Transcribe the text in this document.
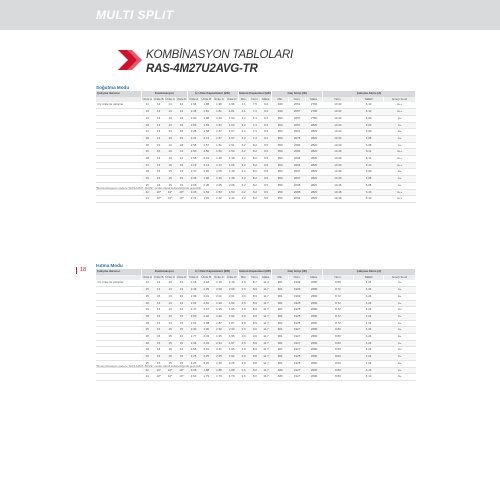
MULTI SPLIT
KOMBİNASYON TABLOLARI
RAS-4M27U2AVG-TR
Soğutma Modu
Çalışma durumu	Kombinasyon				İç Ünite Kapasiteleri (kW)				Sistem Kapasitesi (kW)			Güç Girişi (W)			Çalışma Akımı (A)		
	Ünite A	Ünite B	Ünite C	Ünite D	Ünite A	Ünite B	Ünite C	Ünite D	Min.	Nom.	Maks.	Min.	Nom.	Maks.	Nom.	SEER	Enerji Sınıfı
4 iç ünite ile çalışma	13	13	13	13	1.96	1.96	1.96	1.96	4.1	7.5	9.2	940	2051	2790	10.33	6.10	A++
	13	13	13	13	2.48	1.81	1.81	1.81	4.1	7.4	9.2	940	2057	2790	10.33	6.10	A++
	13	13	13	15	2.00	1.98	1.64	1.64	4.2	7.4	9.2	950	2057	2790	10.33	6.09	A+
	18	13	13	15	2.53	1.53	1.53	1.53	4.2	7.4	9.2	950	2057	2820	10.33	6.09	A+
	13	13	13	18	3.25	1.58	1.67	1.67	4.2	7.4	9.2	950	2061	2820	10.33	6.09	A+
	18	13	13	15	2.41	2.13	1.57	1.57	4.2	7.4	9.2	950	2076	2820	10.33	6.08	A+
	18	13	13	18	2.58	2.57	1.51	1.51	4.2	8.2	9.5	950	2084	2820	10.33	6.08	A+
	15	15	13	13	2.50	2.50	1.50	1.50	4.2	8.2	9.5	950	2084	2820	10.46	6.11	A++
	18	15	13	13	2.58	2.43	1.48	1.48	4.2	8.2	9.5	950	2094	2820	10.46	6.11	A++
	13	15	15	15	2.13	2.13	2.13	1.66	4.2	8.2	9.5	950	2094	2820	10.46	6.10	A++
	18	15	15	13	2.47	2.05	2.05	1.48	4.2	8.2	9.5	950	2097	2820	10.46	6.09	A+
	15	15	15	15	2.36	1.96	1.96	1.48	4.2	8.2	9.5	950	2097	2820	10.46	6.08	A+
	15	15	15	15	2.05	2.05	2.05	2.05	4.2	8.2	9.5	950	2098	2820	10.46	6.08	A+
	22	10*	10*	10*	3.45	1.53	1.53	1.53	4.2	8.2	9.5	950	2098	2820	10.46	6.10	A++
	24	10*	10*	10*	3.74	1.45	1.42	1.42	4.2	8.2	9.5	950	2094	2820	10.46	6.10	A++
*Bu kombinasyon sadece "RAS-10MT...BAVE" model olarak kullanıldığında geçerlidir.
18
Isıtma Modu
Çalışma durumu	Kombinasyon				İç Ünite Kapasiteleri (kW)				Sistem Kapasitesi (kW)			Güç Girişi (W)			Çalışma Akımı (A)		
	Ünite A	Ünite B	Ünite C	Ünite D	Ünite A	Ünite B	Ünite C	Ünite D	Min.	Nom.	Maks.	Min.	Nom.	Maks.	Nom.	SEER	Enerji Sınıfı
4 iç ünite ile çalışma	13	13	13	13	2.18	2.18	2.18	2.18	2.8	8.7	11.4	901	1909	2680	8.55	4.24	A+
	15	13	13	13	2.49	2.09	2.09	2.09	2.9	8.9	11.7	901	1909	2690	8.72	4.24	A+
	15	15	13	13	2.39	2.01	2.01	2.01	2.9	8.9	11.7	901	1909	2690	8.72	4.24	A+
	18	13	13	13	2.62	2.62	1.93	1.93	2.9	8.9	11.7	901	1925	2690	8.72	4.24	A+
	15	15	13	13	2.47	2.47	1.95	1.95	2.9	8.9	11.7	901	1925	2690	8.72	4.24	A+
	18	15	13	13	2.50	2.40	1.92	1.92	2.9	8.9	11.7	901	1925	2690	8.72	4.24	A+
	18	15	13	15	2.61	2.38	1.87	1.87	2.9	8.9	11.7	901	1925	2690	8.72	4.24	A+
	15	15	15	15	2.30	2.30	2.30	2.30	2.9	9.0	11.7	901	1927	2690	8.83	4.24	A+
	18	15	15	13	2.77	2.34	1.95	1.95	2.9	9.0	11.7	901	1927	2690	8.83	4.24	A+
	18	15	15	15	2.34	2.34	2.34	1.97	2.9	8.9	11.7	901	1927	2690	8.83	4.24	A+
	18	18	15	13	2.58	2.31	2.31	1.95	2.9	8.9	11.7	901	1927	2690	8.83	4.24	A+
	15	15	15	15	2.25	2.25	2.25	1.92	2.9	8.8	11.7	901	1925	2690	8.83	4.24	A+
	15	15	15	15	2.25	2.25	2.25	2.25	2.9	8.8	11.7	901	1925	2690	8.83	4.24	A+
	22	10*	10*	10*	3.35	1.88	1.88	1.88	2.6	9.0	11.7	480	1927	2690	8.83	4.13	A+
	24	10*	10*	10*	3.63	1.79	1.79	1.79	2.6	9.0	11.7	480	1927	2690	8.83	4.13	A+
*Bu kombinasyon sadece "RAS-10MT...BAVE" model olarak kullanıldığında geçerlidir.
